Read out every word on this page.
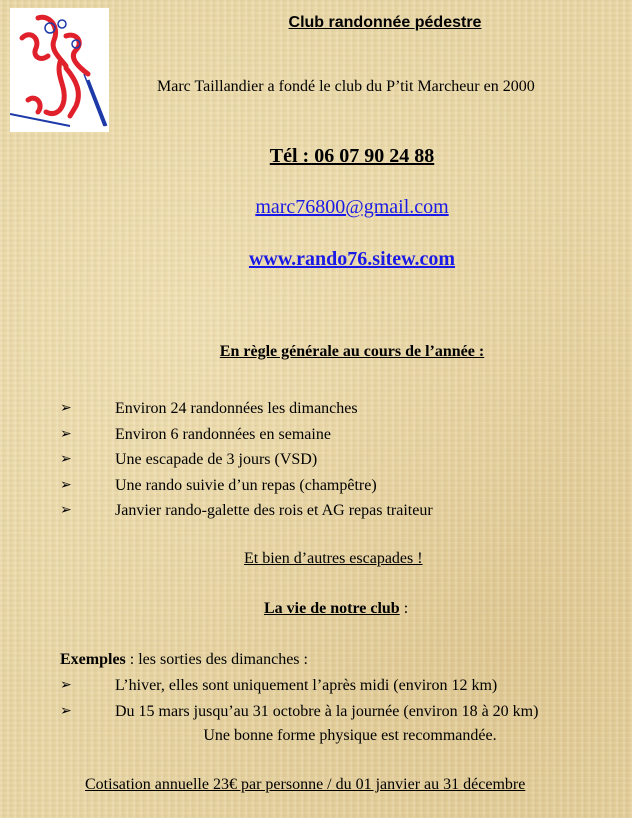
Club randonnée pédestre
Marc Taillandier a fondé le club du P’tit Marcheur en 2000
Tél : 06 07 90 24 88
marc76800@gmail.com
www.rando76.sitew.com
En règle générale au cours de l’année :
➢	Environ 24 randonnées les dimanches
➢	Environ 6 randonnées en semaine
➢	Une escapade de 3 jours (VSD)
➢	Une rando suivie d’un repas (champêtre)
➢	Janvier rando-galette des rois et AG repas traiteur
Et bien d’autres escapades !
La vie de notre club :
Exemples : les sorties des dimanches :
➢	L’hiver, elles sont uniquement l’après midi (environ 12 km)
➢	Du 15 mars jusqu’au 31 octobre à la journée (environ 18 à 20 km)
Une bonne forme physique est recommandée.
Cotisation annuelle 23€ par personne / du 01 janvier au 31 décembre
